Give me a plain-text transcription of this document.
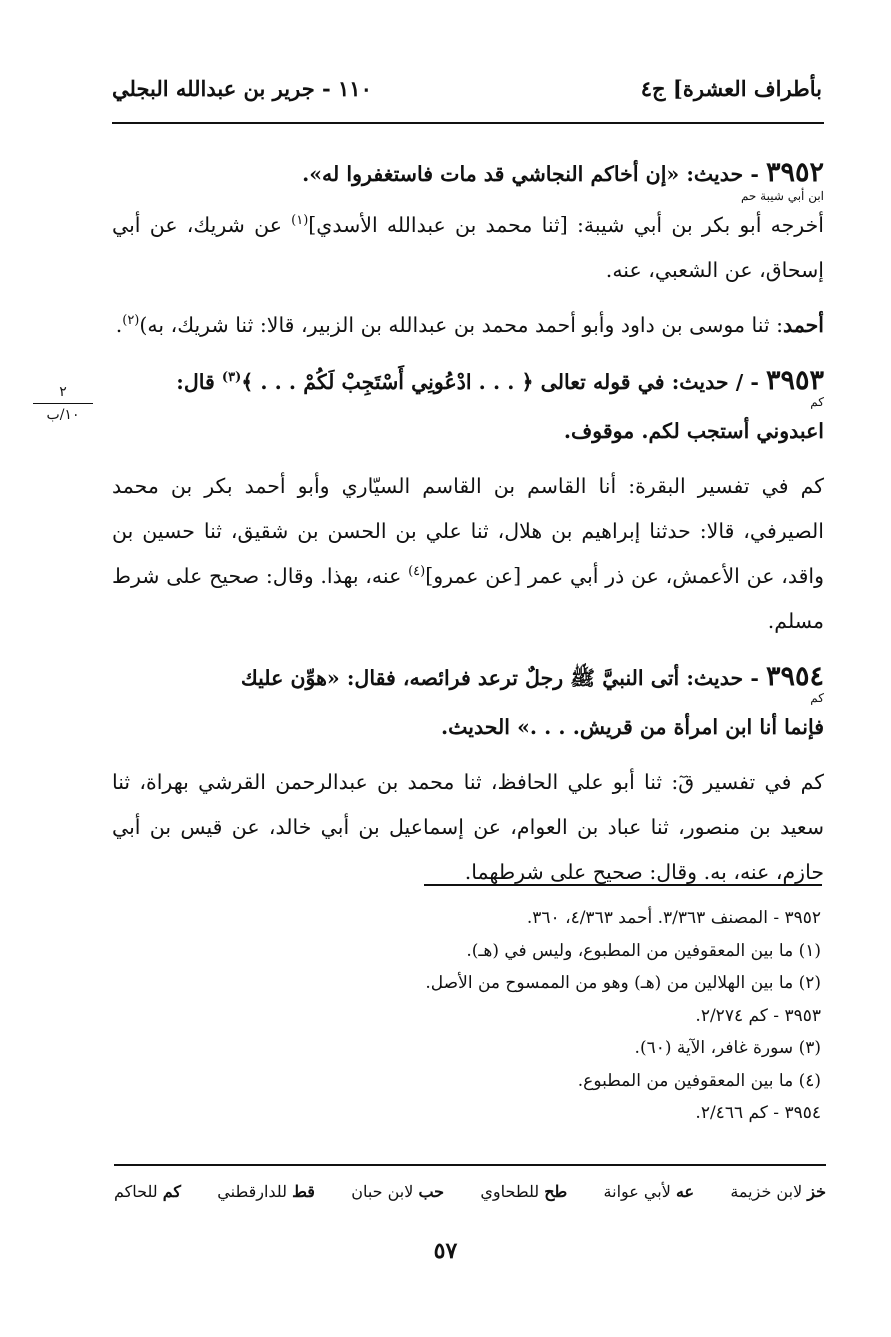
بأطراف العشرة] ج٤
١١٠ - جرير بن عبدالله البجلي
٢
١٠/ب

٣٩٥٢ - حديث: «إن أخاكم النجاشي قد مات فاستغفروا له».

ابن أبي شيبة حم
أخرجه أبو بكر بن أبي شيبة: [ثنا محمد بن عبدالله الأسدي]$^{(١)}$ عن شريك، عن أبي إسحاق، عن الشعبي، عنه.

أحمد: ثنا موسى بن داود وأبو أحمد محمد بن عبدالله بن الزبير، قالا: ثنا شريك، به)$^{(٢)}$.

٣٩٥٣ - / حديث: في قوله تعالى ﴿ . . . ادْعُونِي أَسْتَجِبْ لَكُمْ . . . ﴾$^{(٣)}$ قال:

كم
اعبدوني أستجب لكم. موقوف.

كم في تفسير البقرة: أنا القاسم بن القاسم السيّاري وأبو أحمد بكر بن محمد الصيرفي، قالا: حدثنا إبراهيم بن هلال، ثنا علي بن الحسن بن شقيق، ثنا حسين بن واقد، عن الأعمش، عن ذر أبي عمر [عن عمرو]$^{(٤)}$ عنه، بهذا. وقال: صحيح على شرط مسلم.

٣٩٥٤ - حديث: أتى النبيَّ ﷺ رجلٌ ترعد فرائصه، فقال: «هوِّن عليك

كم
فإنما أنا ابن امرأة من قريش. . . .» الحديث.

كم في تفسير قٓ: ثنا أبو علي الحافظ، ثنا محمد بن عبدالرحمن القرشي بهراة، ثنا سعيد بن منصور، ثنا عباد بن العوام، عن إسماعيل بن أبي خالد، عن قيس بن أبي حازم، عنه، به. وقال: صحيح على شرطهما.

٣٩٥٢ - المصنف ٣/٣٦٣. أحمد ٤/٣٦٣، ٣٦٠.
(١) ما بين المعقوفين من المطبوع، وليس في (هـ).
(٢) ما بين الهلالين من (هـ) وهو من الممسوح من الأصل.
٣٩٥٣ - كم ٢/٢٧٤.
(٣) سورة غافر، الآية (٦٠).
(٤) ما بين المعقوفين من المطبوع.
٣٩٥٤ - كم ٢/٤٦٦.
خز لابن خزيمة
عه لأبي عوانة
طح للطحاوي
حب لابن حبان
قط للدارقطني
كم للحاكم
٥٧
